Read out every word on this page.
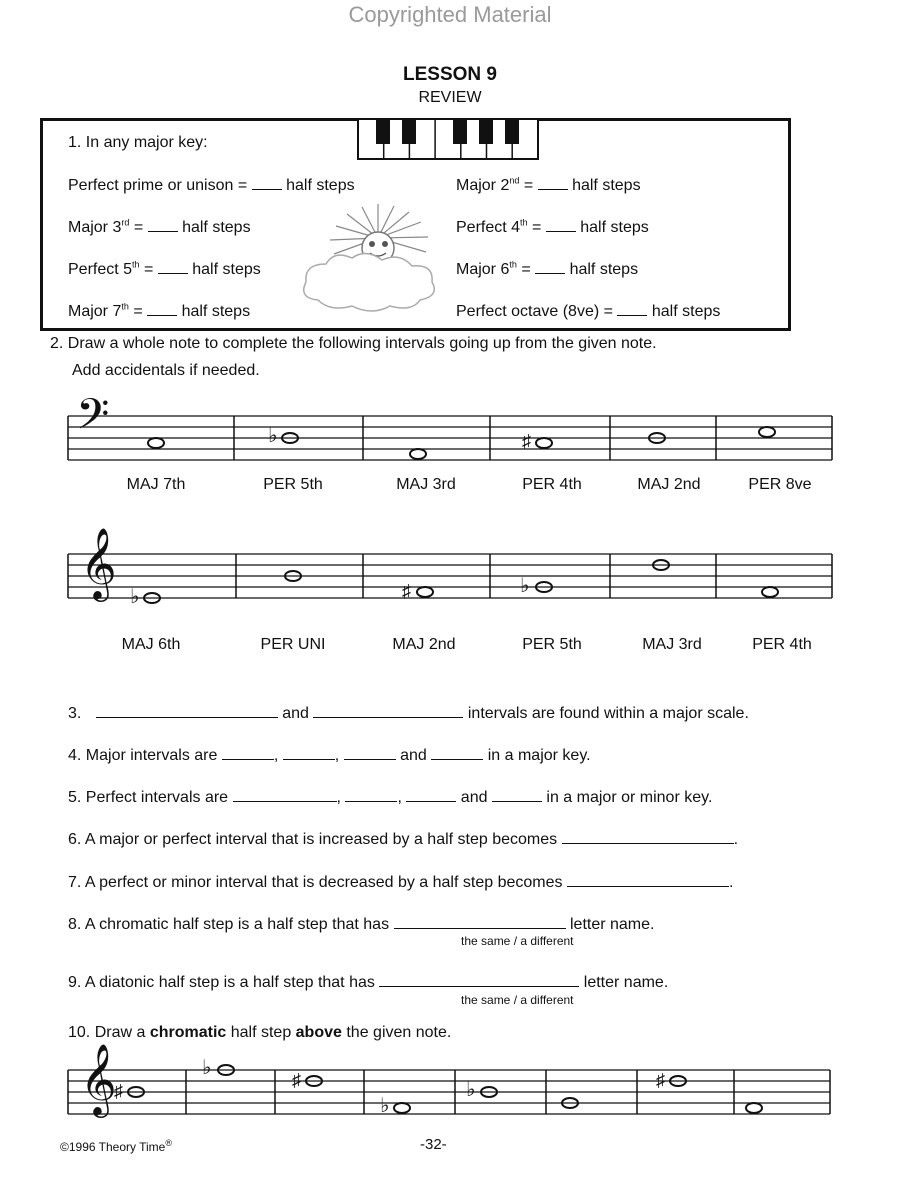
Copyrighted Material
LESSON 9
REVIEW
1. In any major key:
Perfect prime or unison = half steps	Major 2nd = half steps
Major 3rd = half steps	Perfect 4th = half steps
Perfect 5th = half steps	Major 6th = half steps
Major 7th = half steps	Perfect octave (8ve) = half steps
2. Draw a whole note to complete the following intervals going up from the given note.
Add accidentals if needed.
𝄢	♭	♯
MAJ 7th	PER 5th	MAJ 3rd	PER 4th	MAJ 2nd	PER 8ve
𝄞 ♭	♯	♭
MAJ 6th	PER UNI	MAJ 2nd	PER 5th	MAJ 3rd	PER 4th
3.	and	intervals are found within a major scale.
4. Major intervals are	,	,	and	in a major key.
5. Perfect intervals are	,	,	and	in a major or minor key.
6. A major or perfect interval that is increased by a half step becomes	.
7. A perfect or minor interval that is decreased by a half step becomes	.
8. A chromatic half step is a half step that has	letter name.
the same / a different
9. A diatonic half step is a half step that has	letter name.
the same / a different
10. Draw a chromatic half step above the given note.
𝄞
♯
♭
♯
♭
♭	♯
©1996 Theory Time®	-32-
